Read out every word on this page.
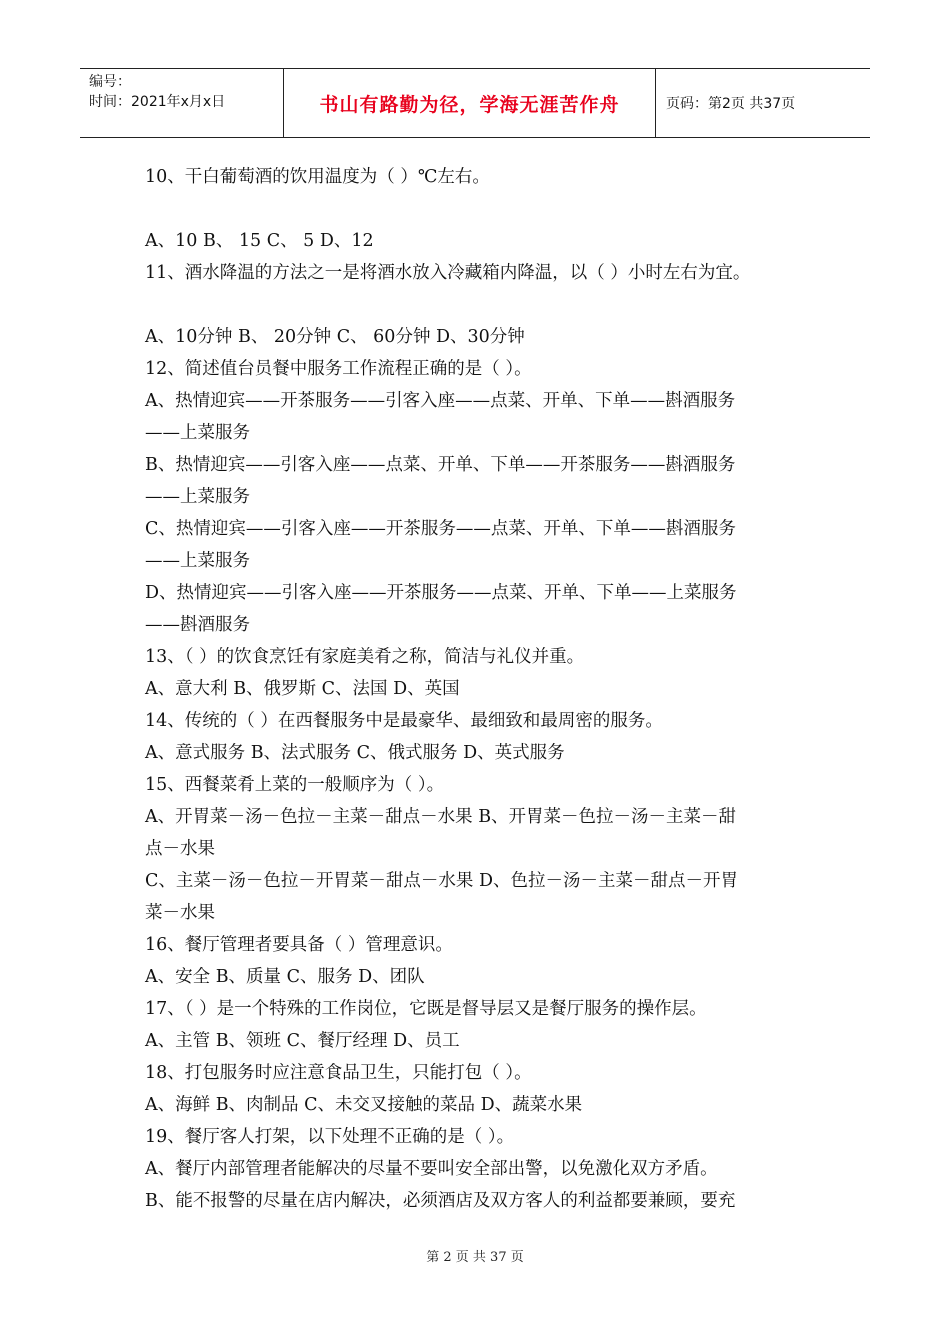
编号：
时间：2021年x月x日	书山有路勤为径，学海无涯苦作舟	页码：第2页 共37页
10、干白葡萄酒的饮用温度为（ ）℃左右。
A、10 B、 15 C、 5 D、12
11、酒水降温的方法之一是将酒水放入冷藏箱内降温，以（ ）小时左右为宜。
A、10分钟 B、 20分钟 C、 60分钟 D、30分钟
12、简述值台员餐中服务工作流程正确的是（ ）。
A、热情迎宾——开茶服务——引客入座——点菜、开单、下单——斟酒服务
——上菜服务
B、热情迎宾——引客入座——点菜、开单、下单——开茶服务——斟酒服务
——上菜服务
C、热情迎宾——引客入座——开茶服务——点菜、开单、下单——斟酒服务
——上菜服务
D、热情迎宾——引客入座——开茶服务——点菜、开单、下单——上菜服务
——斟酒服务
13、（ ）的饮食烹饪有家庭美肴之称，简洁与礼仪并重。
A、意大利 B、俄罗斯 C、法国 D、英国
14、传统的（ ）在西餐服务中是最豪华、最细致和最周密的服务。
A、意式服务 B、法式服务 C、俄式服务 D、英式服务
15、西餐菜肴上菜的一般顺序为（ ）。
A、开胃菜－汤－色拉－主菜－甜点－水果 B、开胃菜－色拉－汤－主菜－甜
点－水果
C、主菜－汤－色拉－开胃菜－甜点－水果 D、色拉－汤－主菜－甜点－开胃
菜－水果
16、餐厅管理者要具备（ ）管理意识。
A、安全 B、质量 C、服务 D、团队
17、（ ）是一个特殊的工作岗位，它既是督导层又是餐厅服务的操作层。
A、主管 B、领班 C、餐厅经理 D、员工
18、打包服务时应注意食品卫生，只能打包（ ）。
A、海鲜 B、肉制品 C、未交叉接触的菜品 D、蔬菜水果
19、餐厅客人打架，以下处理不正确的是（ ）。
A、餐厅内部管理者能解决的尽量不要叫安全部出警，以免激化双方矛盾。
B、能不报警的尽量在店内解决，必须酒店及双方客人的利益都要兼顾，要充
第 2 页 共 37 页
